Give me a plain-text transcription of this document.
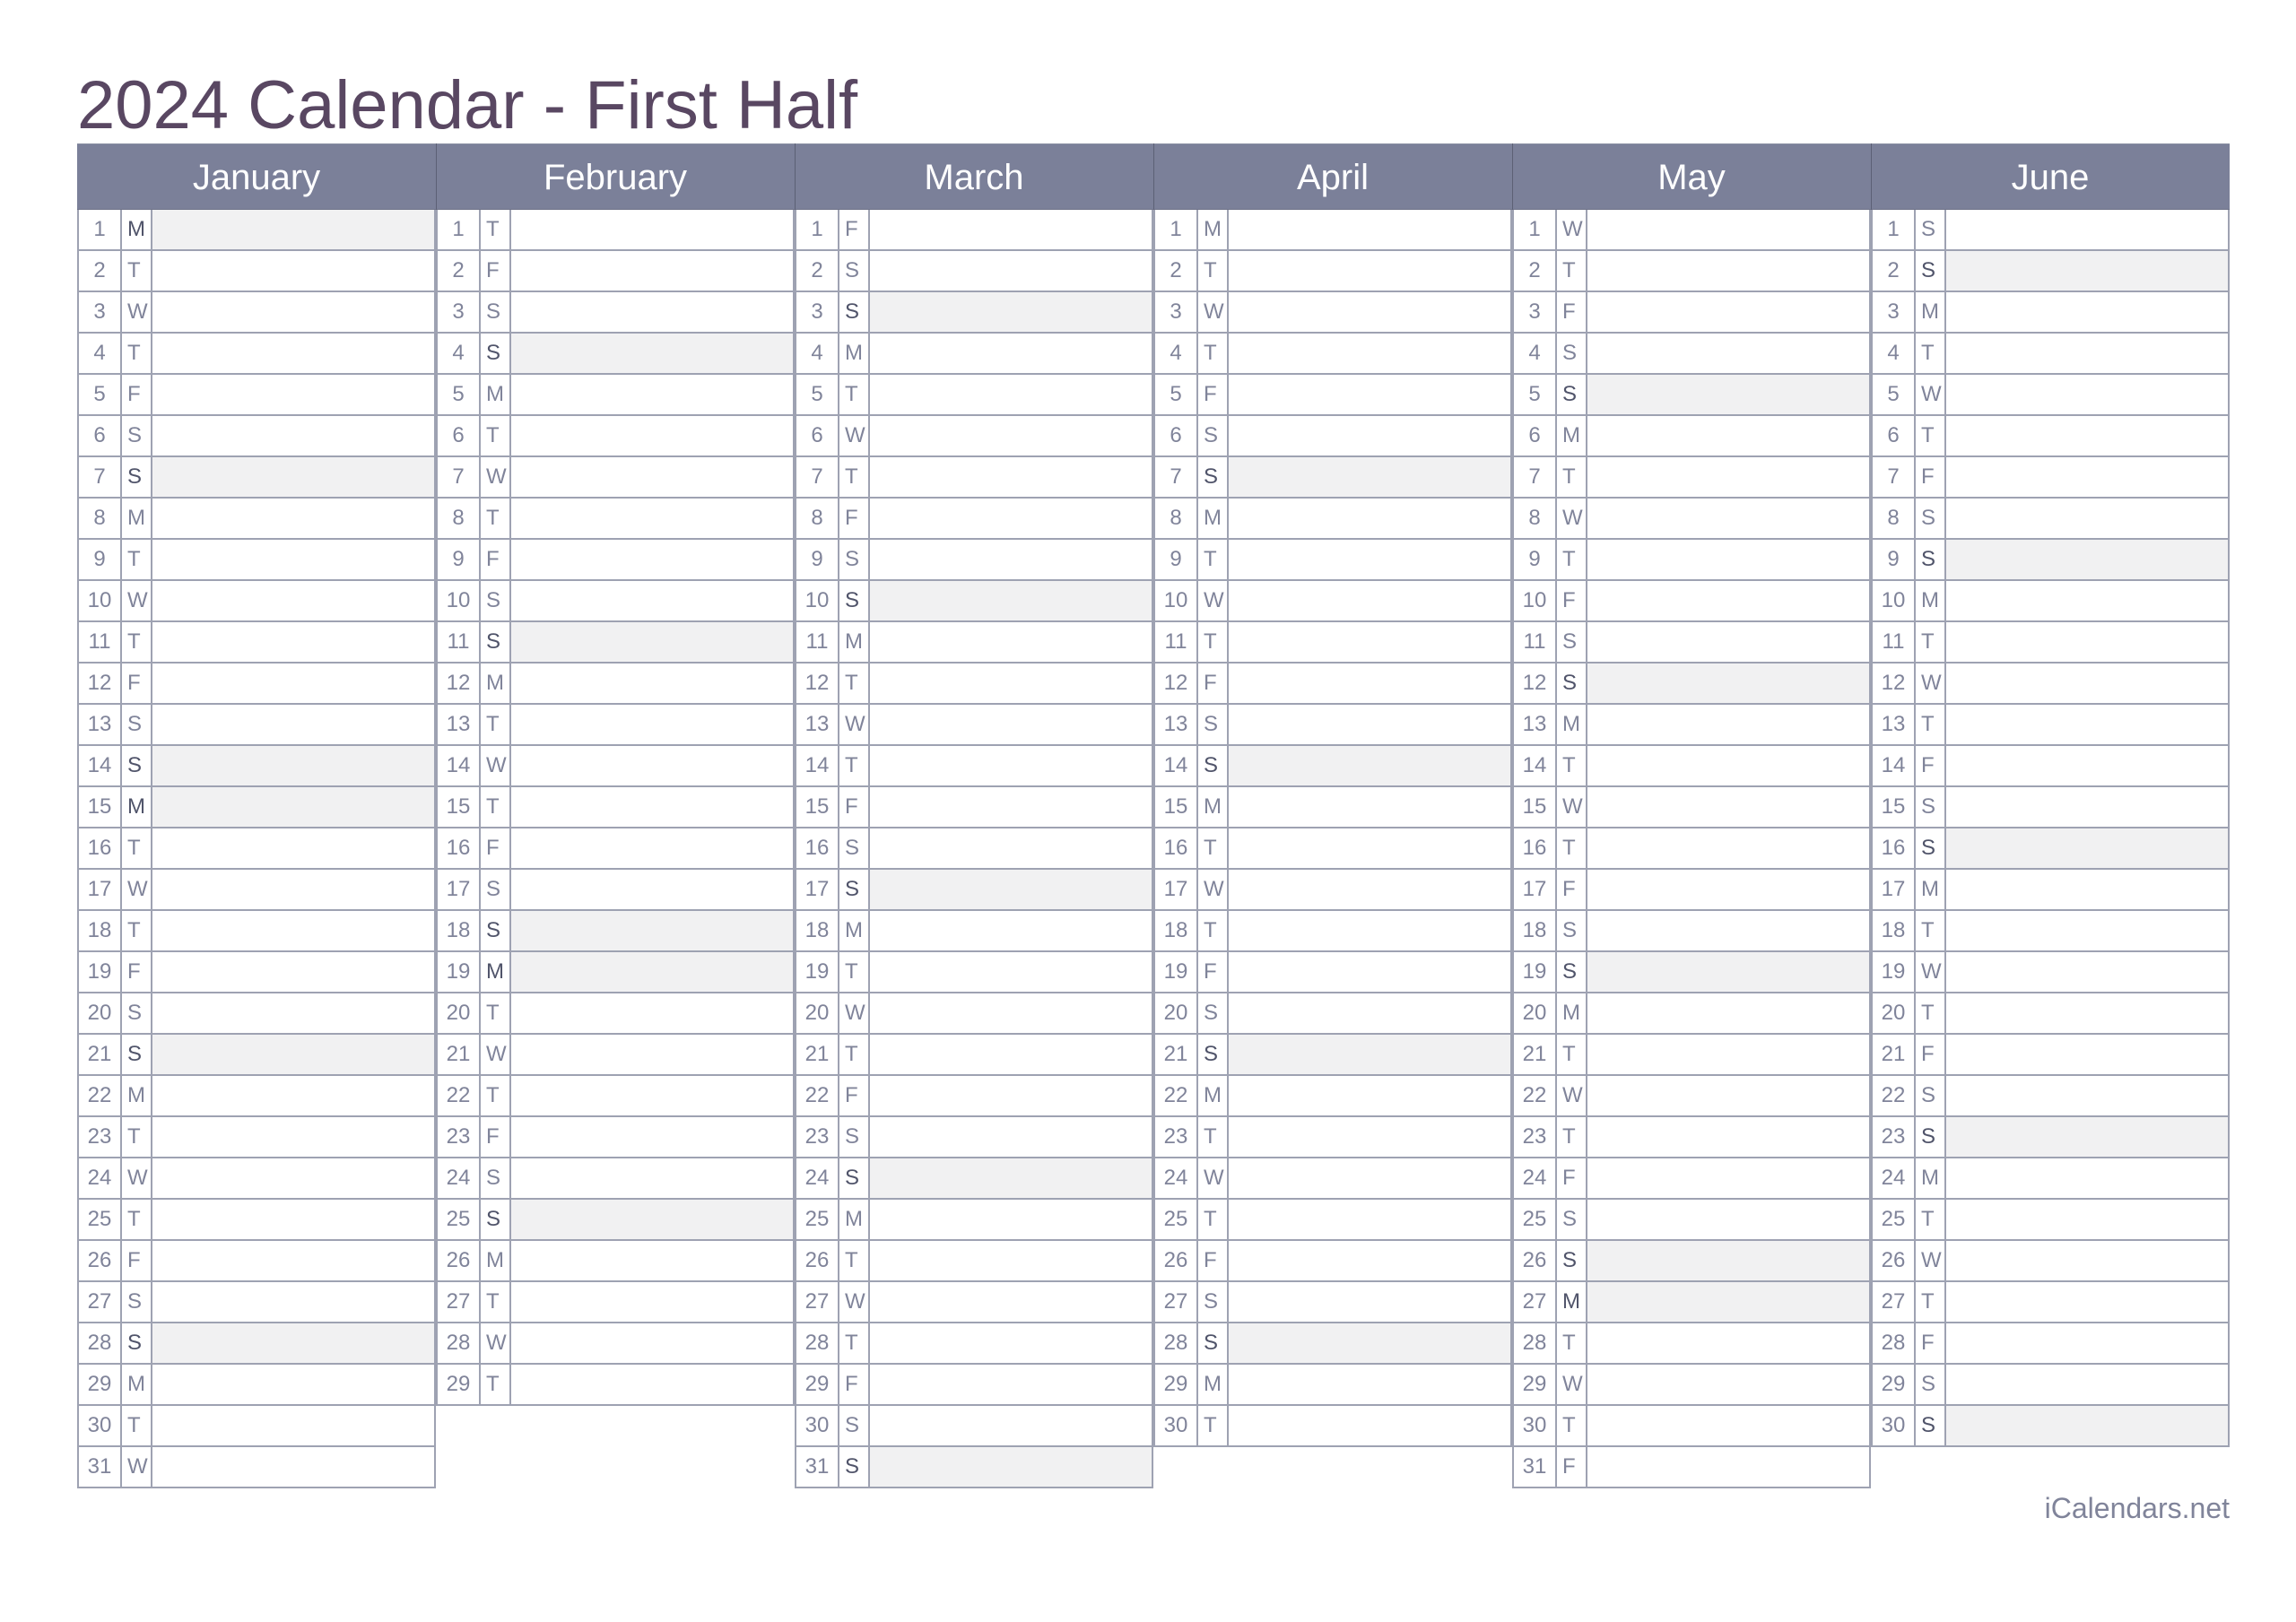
2024 Calendar - First Half
January
1	M
2	T
3	W
4	T
5	F
6	S
7	S
8	M
9	T
10 W
11 T
12 F
13 S
14 S
15 M
16 T
17 W
18 T
19 F
20 S
21 S
22 M
23 T
24 W
25 T
26 F
27 S
28 S
29 M
30 T
31 W
February
1	T
2	F
3	S
4	S
5	M
6	T
7	W
8	T
9	F
10 S
11 S
12 M
13 T
14 W
15 T
16 F
17 S
18 S
19 M
20 T
21 W
22 T
23 F
24 S
25 S
26 M
27 T
28 W
29 T
March
1	F
2	S
3	S
4	M
5	T
6	W
7	T
8	F
9	S
10 S
11 M
12 T
13 W
14 T
15 F
16 S
17 S
18 M
19 T
20 W
21 T
22 F
23 S
24 S
25 M
26 T
27 W
28 T
29 F
30 S
31 S
April
1	M
2	T
3	W
4	T
5	F
6	S
7	S
8	M
9	T
10 W
11 T
12 F
13 S
14 S
15 M
16 T
17 W
18 T
19 F
20 S
21 S
22 M
23 T
24 W
25 T
26 F
27 S
28 S
29 M
30 T
May
1	W
2	T
3	F
4	S
5	S
6	M
7	T
8	W
9	T
10 F
11 S
12 S
13 M
14 T
15 W
16 T
17 F
18 S
19 S
20 M
21 T
22 W
23 T
24 F
25 S
26 S
27 M
28 T
29 W
30 T
31 F
June
1	S
2	S
3	M
4	T
5	W
6	T
7	F
8	S
9	S
10 M
11 T
12 W
13 T
14 F
15 S
16 S
17 M
18 T
19 W
20 T
21 F
22 S
23 S
24 M
25 T
26 W
27 T
28 F
29 S
30 S
iCalendars.net
